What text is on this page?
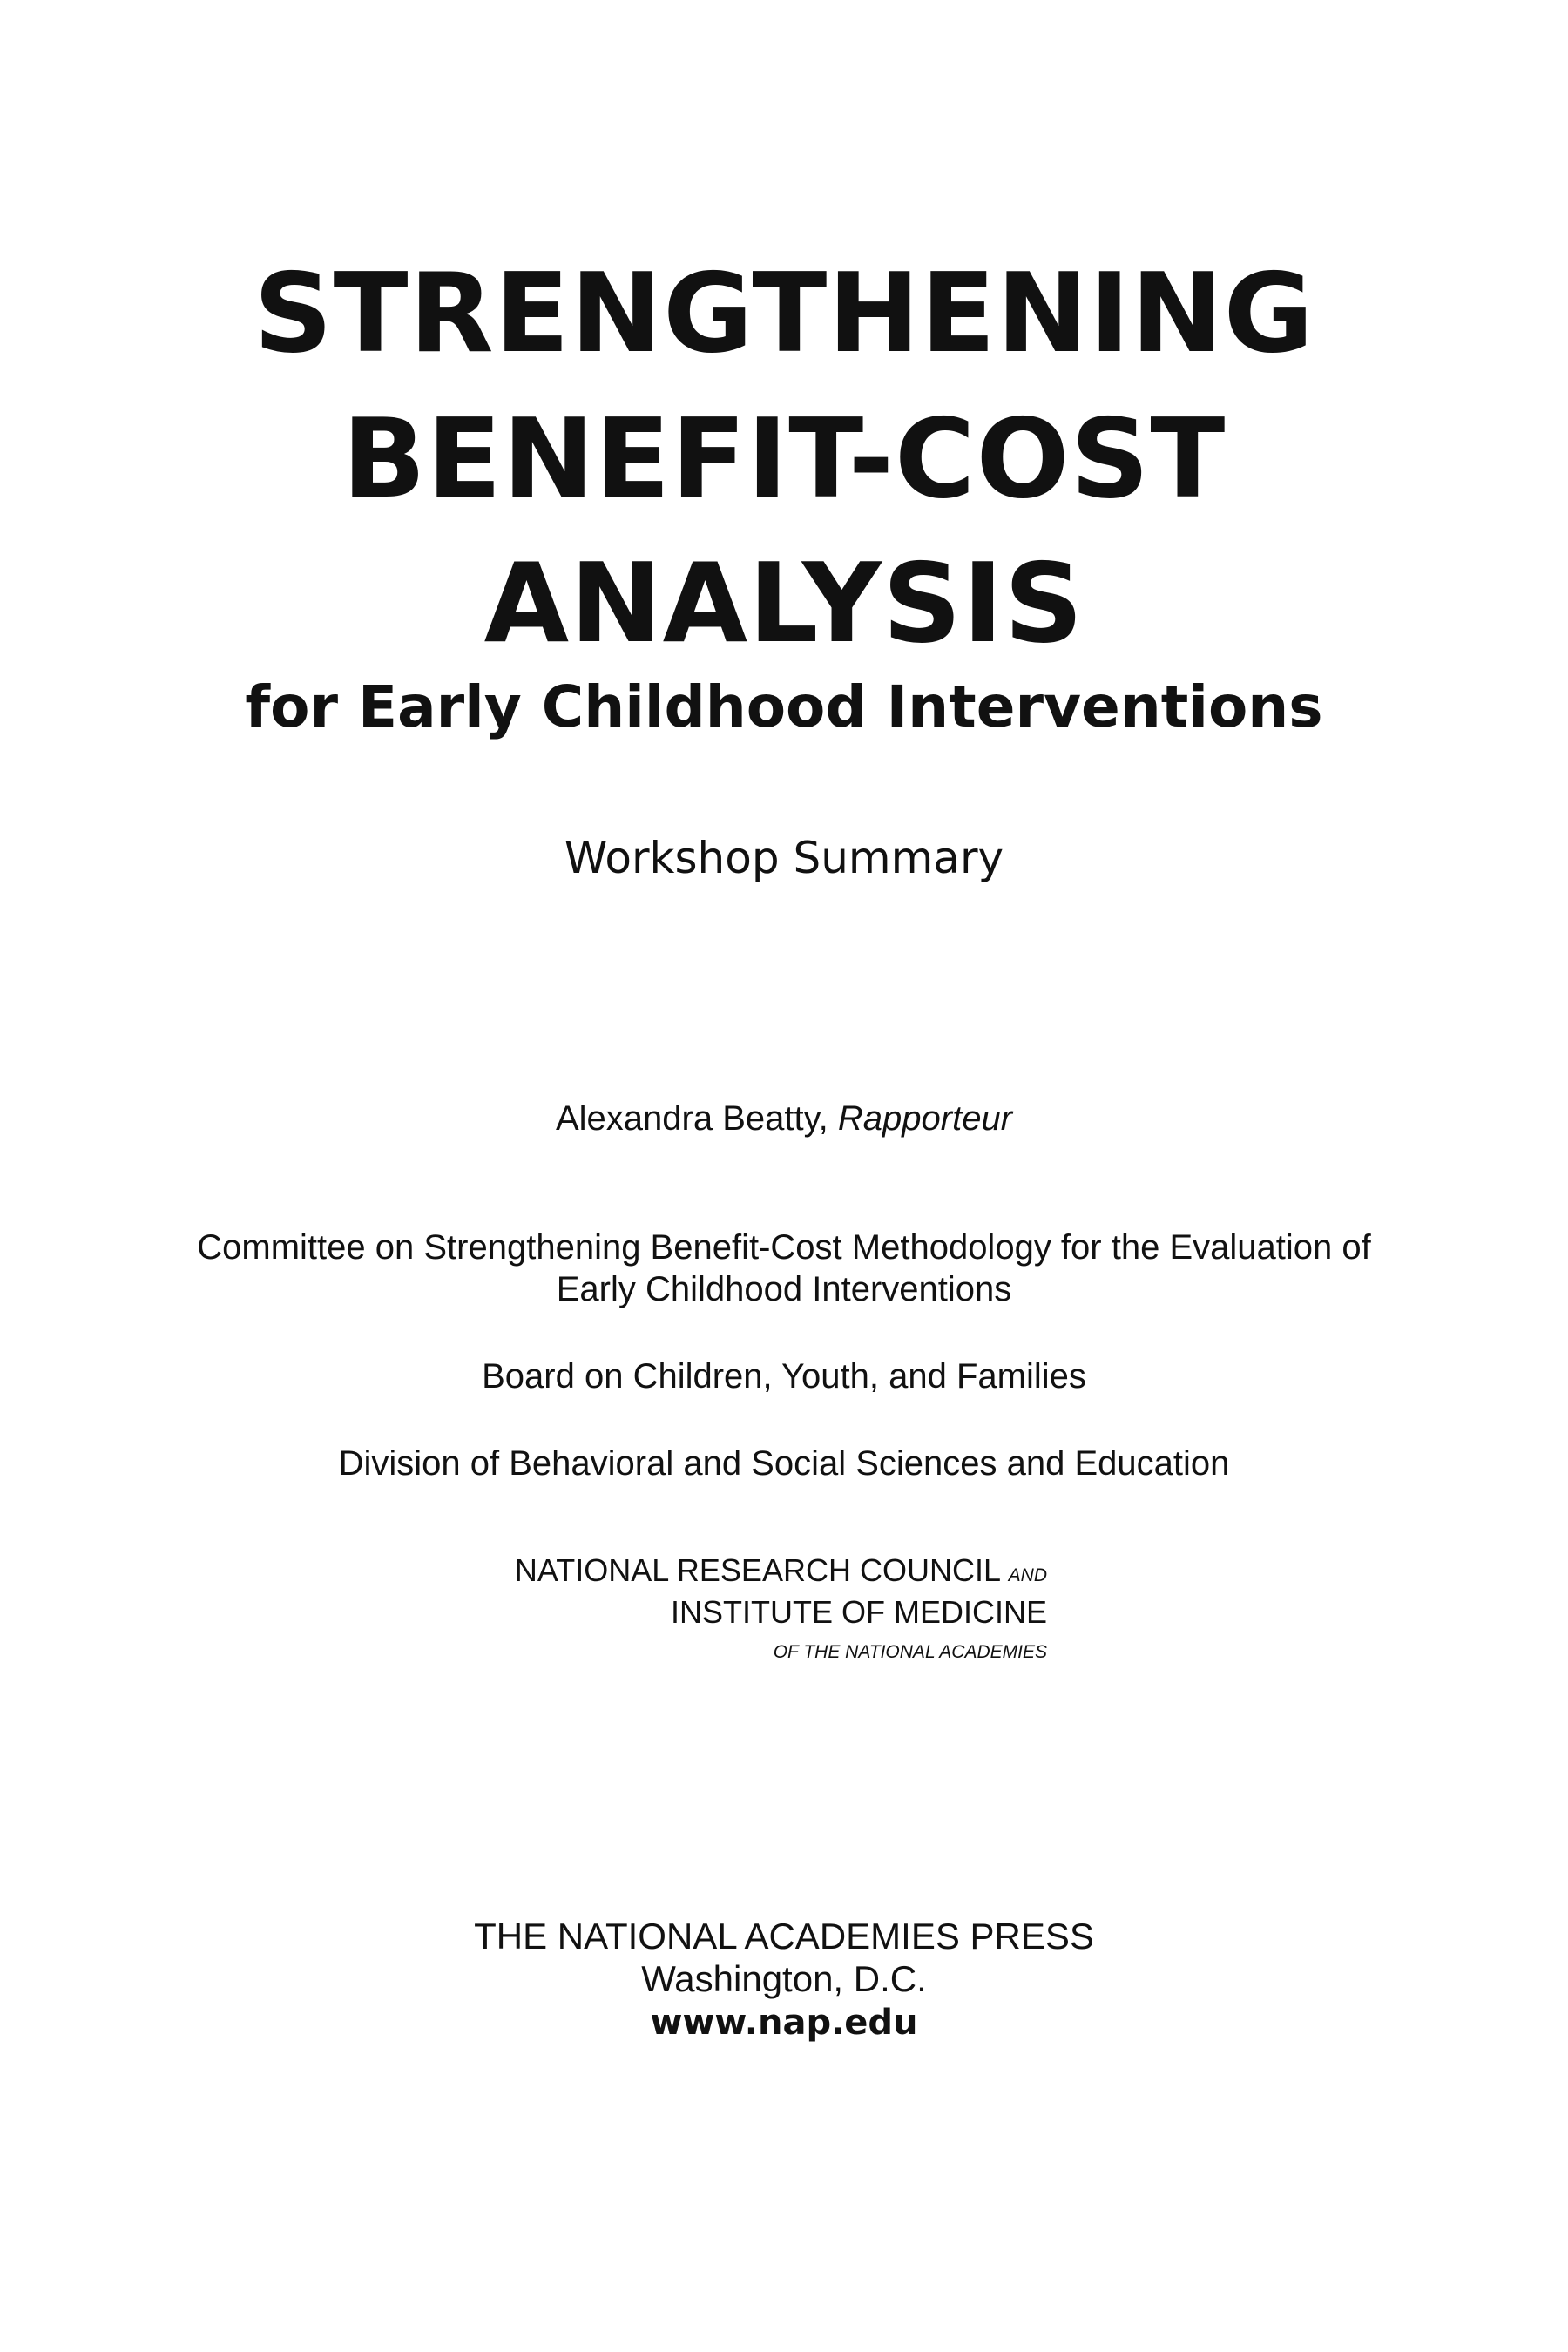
STRENGTHENING
BENEFIT-COST
ANALYSIS
for Early Childhood Interventions

Workshop Summary

Alexandra Beatty, Rapporteur

Committee on Strengthening Benefit-Cost Methodology for the Evaluation of

Early Childhood Interventions

Board on Children, Youth, and Families

Division of Behavioral and Social Sciences and Education

NATIONAL RESEARCH COUNCIL AND

INSTITUTE OF MEDICINE

OF THE NATIONAL ACADEMIES

THE NATIONAL ACADEMIES PRESS

Washington, D.C.

www.nap.edu
